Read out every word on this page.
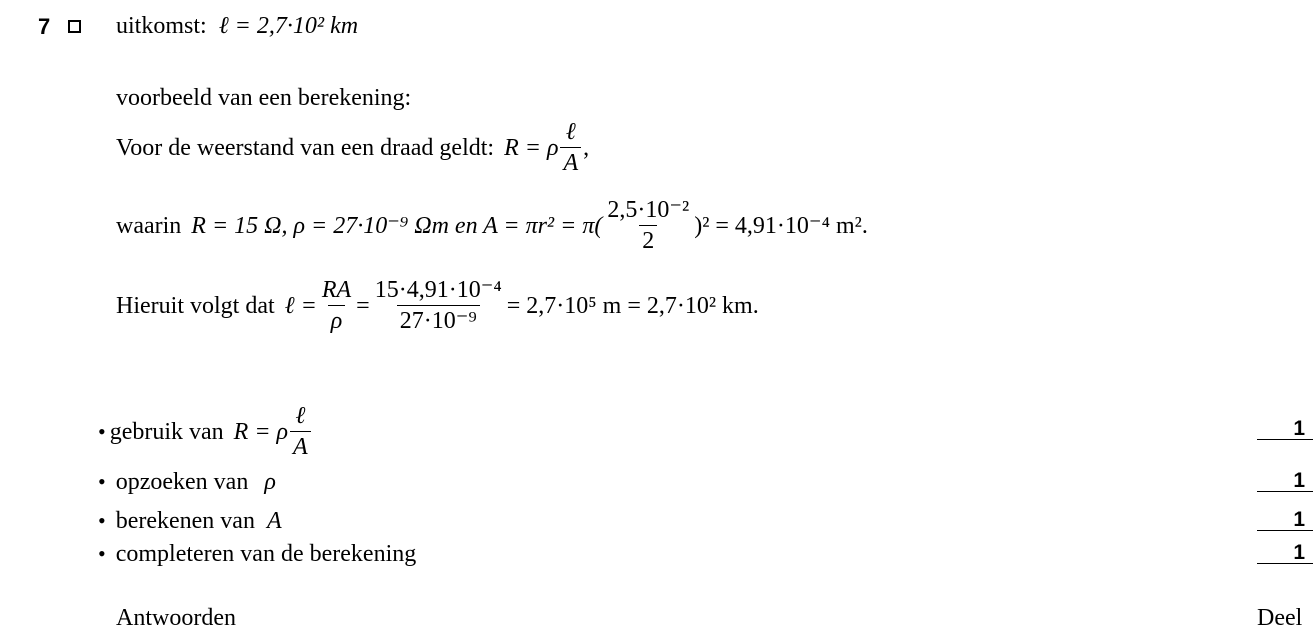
7	uitkomst: ℓ = 2,7·10² km
voorbeeld van een berekening:
Voor de weerstand van een draad geldt: R = ρ $\frac{\text{ℓ}}{A}$ ,
waarin R = 15 Ω, ρ = 27·10⁻⁹ Ωm en $A = \pi r^2 = \pi( \frac{\text{2,5·10⁻²}}{2} )^2 = 4,91\cdot 10^{-4}$ m².
Hieruit volgt dat ℓ = $\frac{RA}{\rho} = \frac{\text{15·4,91·10⁻⁴}}{\text{27·10⁻⁹}} = 2,7\cdot 10^5$ m = 2,7·10² km.
• gebruik van R = ρ $\frac{\text{ℓ}}{A}$	1
• opzoeken van ρ	1
• berekenen van A	1
• completeren van de berekening	1
Antwoorden	Deel
